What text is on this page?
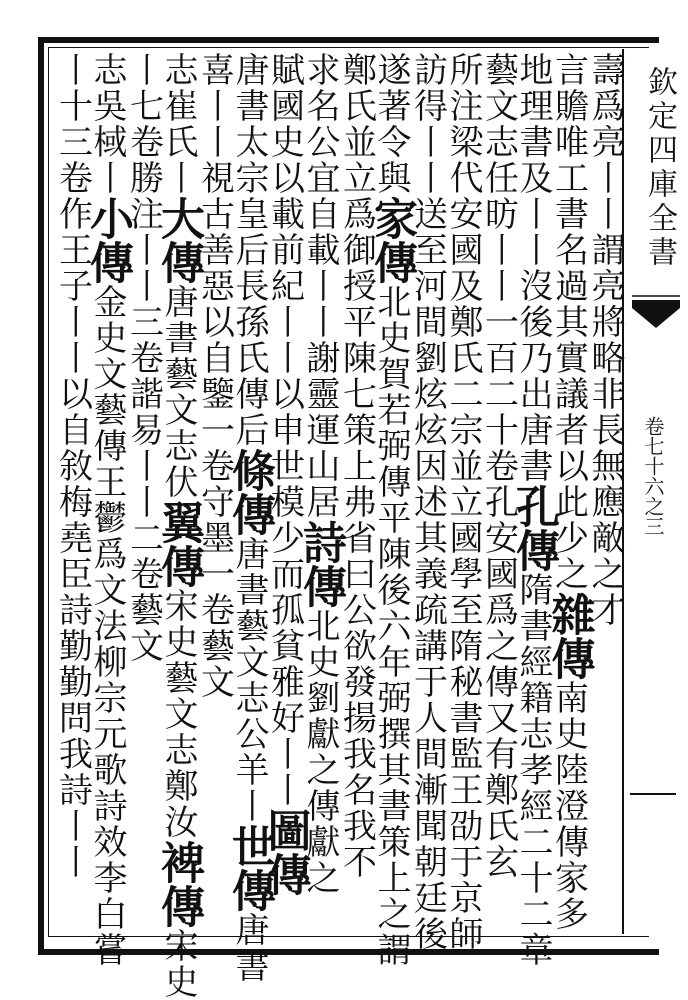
欽定四庫全書
卷七十六之三
壽爲亮丨丨謂亮將略非長無應敵之才
言贍唯工書名過其實議者以此少之雜傳南史陸澄傳家多
地理書及丨丨沒後乃出唐書孔傳隋書經籍志孝經二十二章
藝文志任昉丨丨一百二十卷孔安國爲之傳又有鄭氏玄
所注梁代安國及鄭氏二宗並立國學至隋秘書監王劭于京師
訪得丨丨送至河間劉炫炫因述其義疏講于人間漸聞朝廷後
遂著令與家傳北史賀若弼傳平陳後六年弼撰其書策上之謂
鄭氏並立爲御授平陳七策上弗省曰公欲發揚我名我不
求名公宜自載丨丨謝靈運山居詩傳北史劉獻之傳獻之
賦國史以載前紀丨丨以申世模少而孤貧雅好丨丨圖傳
唐書太宗皇后長孫氏傳后條傳唐書藝文志公羊丨世傳唐書
喜丨丨視古善惡以自鑒一卷守墨一卷藝文
志崔氏丨大傳唐書藝文志伏翼傳宋史藝文志鄭汝裨傳宋史
丨七卷勝注丨丨三卷諧易丨丨二卷藝文
志吳棫丨小傳金史文藝傳王鬱爲文法柳宗元歌詩效李白嘗
丨十三卷作王子丨丨以自敘梅堯臣詩勤勤問我詩丨丨
